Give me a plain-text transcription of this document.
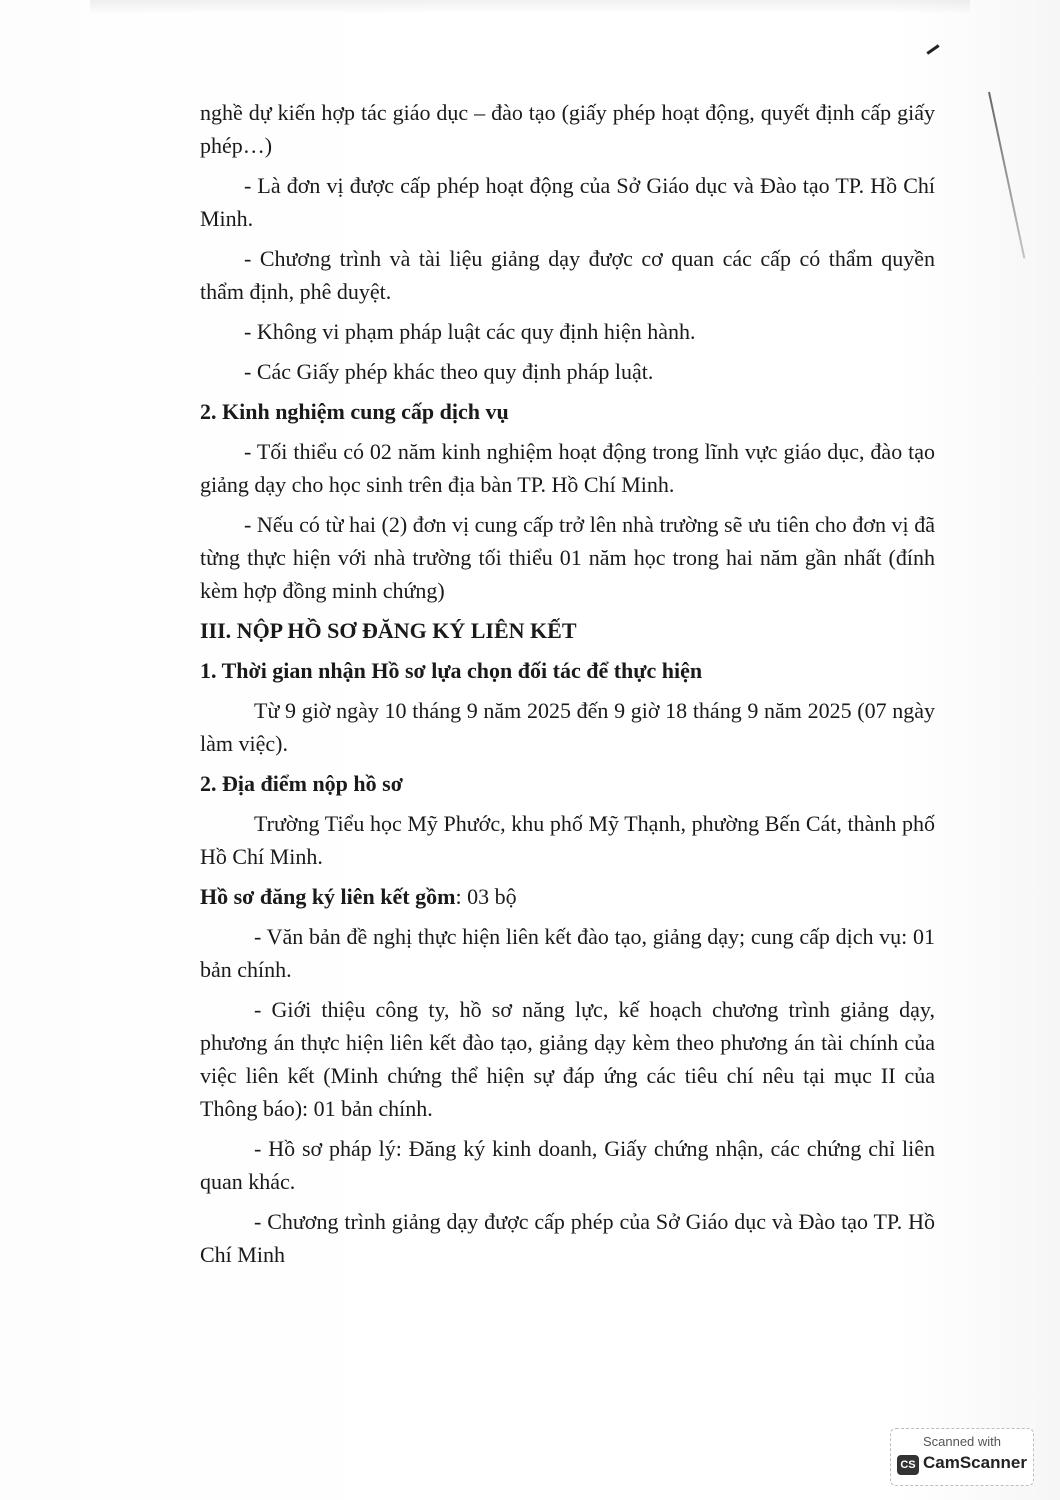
nghề dự kiến hợp tác giáo dục – đào tạo (giấy phép hoạt động, quyết định cấp giấy phép…)

- Là đơn vị được cấp phép hoạt động của Sở Giáo dục và Đào tạo TP. Hồ Chí Minh.

- Chương trình và tài liệu giảng dạy được cơ quan các cấp có thẩm quyền thẩm định, phê duyệt.

- Không vi phạm pháp luật các quy định hiện hành.

- Các Giấy phép khác theo quy định pháp luật.

2. Kinh nghiệm cung cấp dịch vụ

- Tối thiểu có 02 năm kinh nghiệm hoạt động trong lĩnh vực giáo dục, đào tạo giảng dạy cho học sinh trên địa bàn TP. Hồ Chí Minh.

- Nếu có từ hai (2) đơn vị cung cấp trở lên nhà trường sẽ ưu tiên cho đơn vị đã từng thực hiện với nhà trường tối thiểu 01 năm học trong hai năm gần nhất (đính kèm hợp đồng minh chứng)

III. NỘP HỒ SƠ ĐĂNG KÝ LIÊN KẾT

1. Thời gian nhận Hồ sơ lựa chọn đối tác để thực hiện

Từ 9 giờ ngày 10 tháng 9 năm 2025 đến 9 giờ 18 tháng 9 năm 2025 (07 ngày làm việc).

2. Địa điểm nộp hồ sơ

Trường Tiểu học Mỹ Phước, khu phố Mỹ Thạnh, phường Bến Cát, thành phố Hồ Chí Minh.

Hồ sơ đăng ký liên kết gồm: 03 bộ

- Văn bản đề nghị thực hiện liên kết đào tạo, giảng dạy; cung cấp dịch vụ: 01 bản chính.

- Giới thiệu công ty, hồ sơ năng lực, kế hoạch chương trình giảng dạy, phương án thực hiện liên kết đào tạo, giảng dạy kèm theo phương án tài chính của việc liên kết (Minh chứng thể hiện sự đáp ứng các tiêu chí nêu tại mục II của Thông báo): 01 bản chính.

- Hồ sơ pháp lý: Đăng ký kinh doanh, Giấy chứng nhận, các chứng chỉ liên quan khác.

- Chương trình giảng dạy được cấp phép của Sở Giáo dục và Đào tạo TP. Hồ Chí Minh

Scanned with
CS CamScanner
